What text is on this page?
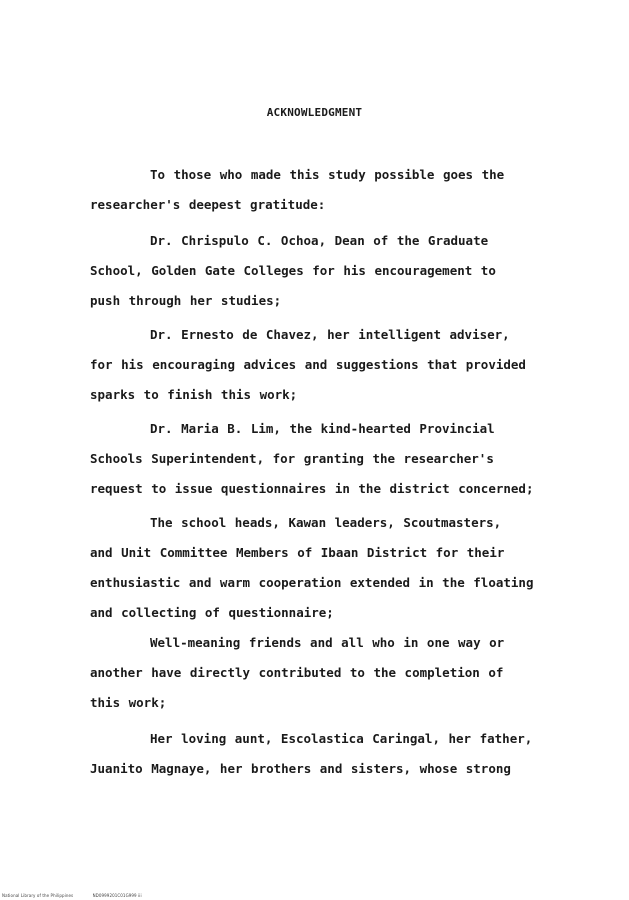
ACKNOWLEDGMENT
To those who made this study possible goes the
researcher's deepest gratitude:
Dr. Chrispulo C. Ochoa, Dean of the Graduate
School, Golden Gate Colleges for his encouragement to
push through her studies;
Dr. Ernesto de Chavez, her intelligent adviser,
for his encouraging advices and suggestions that provided
sparks to finish this work;
Dr. Maria B. Lim, the kind-hearted Provincial
Schools Superintendent, for granting the researcher's
request to issue questionnaires in the district concerned;
The school heads, Kawan leaders, Scoutmasters,
and Unit Committee Members of Ibaan District for their
enthusiastic and warm cooperation extended in the floating
and collecting of questionnaire;
Well-meaning friends and all who in one way or
another have directly contributed to the completion of
this work;
Her loving aunt, Escolastica Caringal, her father,
Juanito Magnaye, her brothers and sisters, whose strong
National Library of the Philippines	ND0999201C01G999 iii
